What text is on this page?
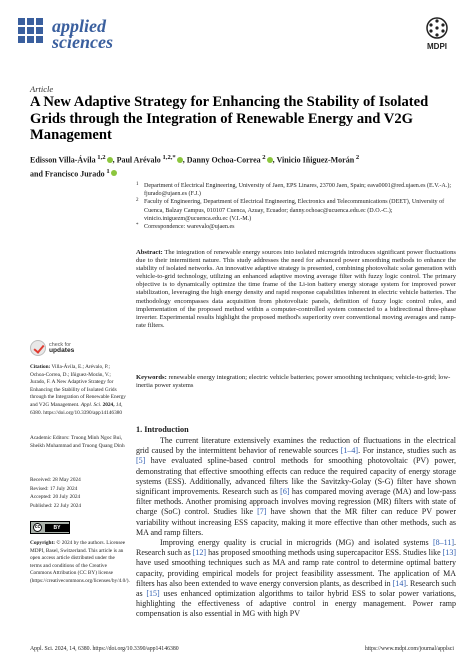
applied
sciences	MDPI
Article
A New Adaptive Strategy for Enhancing the Stability of Isolated Grids through the Integration of Renewable Energy and V2G Management
Edisson Villa-Ávila $^{1,2}$ , Paul Arévalo $^{1,2,*}$ , Danny Ochoa-Correa $^2$ , Vinicio Iñiguez-Morán $^2$
and Francisco Jurado $^1$
1 Department of Electrical Engineering, University of Jaen, EPS Linares, 23700 Jaen, Spain; eava0001@red.ujaen.es (E.V.-A.); fjurado@ujaen.es (F.J.)
2 Faculty of Engineering, Department of Electrical Engineering, Electronics and Telecommunications (DEET), University of Cuenca, Balzay Campus, 010107 Cuenca, Azuay, Ecuador; danny.ochoac@ucuenca.edu.ec (D.O.-C.); vinicio.iniguezm@ucuenca.edu.ec (V.I.-M.)
* Correspondence: warevalo@ujaen.es
Abstract: The integration of renewable energy sources into isolated microgrids introduces significant power fluctuations due to their intermittent nature. This study addresses the need for advanced power smoothing methods to enhance the stability of isolated networks. An innovative adaptive strategy is presented, combining photovoltaic solar generation with vehicle-to-grid technology, utilizing an enhanced adaptive moving average filter with fuzzy logic control. The primary objective is to dynamically optimize the time frame of the Li-ion battery energy storage system for improved power stabilization, leveraging the high energy density and rapid response capabilities inherent in electric vehicle batteries. The methodology encompasses data acquisition from photovoltaic panels, definition of fuzzy logic control rules, and implementation of the proposed method within a computer-controlled system connected to a bidirectional three-phase inverter. Experimental results highlight the proposed method's superiority over conventional moving averages and ramp-rate filters.
Keywords: renewable energy integration; electric vehicle batteries; power smoothing techniques; vehicle-to-grid; low-inertia power systems
check for
updates
Citation: Villa-Ávila, E.; Arévalo, P.; Ochoa-Correa, D.; Iñiguez-Morán, V.; Jurado, F. A New Adaptive Strategy for Enhancing the Stability of Isolated Grids through the Integration of Renewable Energy and V2G Management. Appl. Sci. 2024, 14, 6380. https://doi.org/10.3390/app14146380
Academic Editors: Truong Minh Ngoc Bui, Sheikh Muhammad and Truong Quang Dinh

Received: 28 May 2024

Revised: 17 July 2024

Accepted: 20 July 2024

Published: 22 July 2024

cc	BY
Copyright: © 2024 by the authors. Licensee MDPI, Basel, Switzerland. This article is an open access article distributed under the terms and conditions of the Creative Commons Attribution (CC BY) license (https://creativecommons.org/licenses/by/4.0/).
1. Introduction

The current literature extensively examines the reduction of fluctuations in the electrical grid caused by the intermittent behavior of renewable sources [1–4]. For instance, studies such as [5] have evaluated spline-based control methods for smoothing photovoltaic (PV) power, demonstrating that effective smoothing effects can reduce the required capacity of energy storage systems (ESS). Additionally, advanced filters like the Savitzky-Golay (S-G) filter have shown significant improvements. Research such as [6] has compared moving average (MA) and low-pass filter methods. Another promising approach involves moving regression (MR) filters with state of charge (SoC) control. Studies like [7] have shown that the MR filter can reduce PV power variability without increasing ESS capacity, making it more effective than other methods, such as MA and ramp filters.

Improving energy quality is crucial in microgrids (MG) and isolated systems [8–11]. Research such as [12] has proposed smoothing methods using supercapacitor ESS. Studies like [13] have used smoothing techniques such as MA and ramp rate control to determine optimal battery capacity, providing empirical models for project feasibility assessment. The application of MA filters has also been extended to wave energy conversion plants, as described in [14]. Research such as [15] uses enhanced optimization algorithms to tailor hybrid ESS to solar power variations, highlighting the effectiveness of adaptive control in energy management. Power ramp compensation is also essential in MG with high PV

Appl. Sci. 2024, 14, 6380. https://doi.org/10.3390/app14146380	https://www.mdpi.com/journal/applsci
